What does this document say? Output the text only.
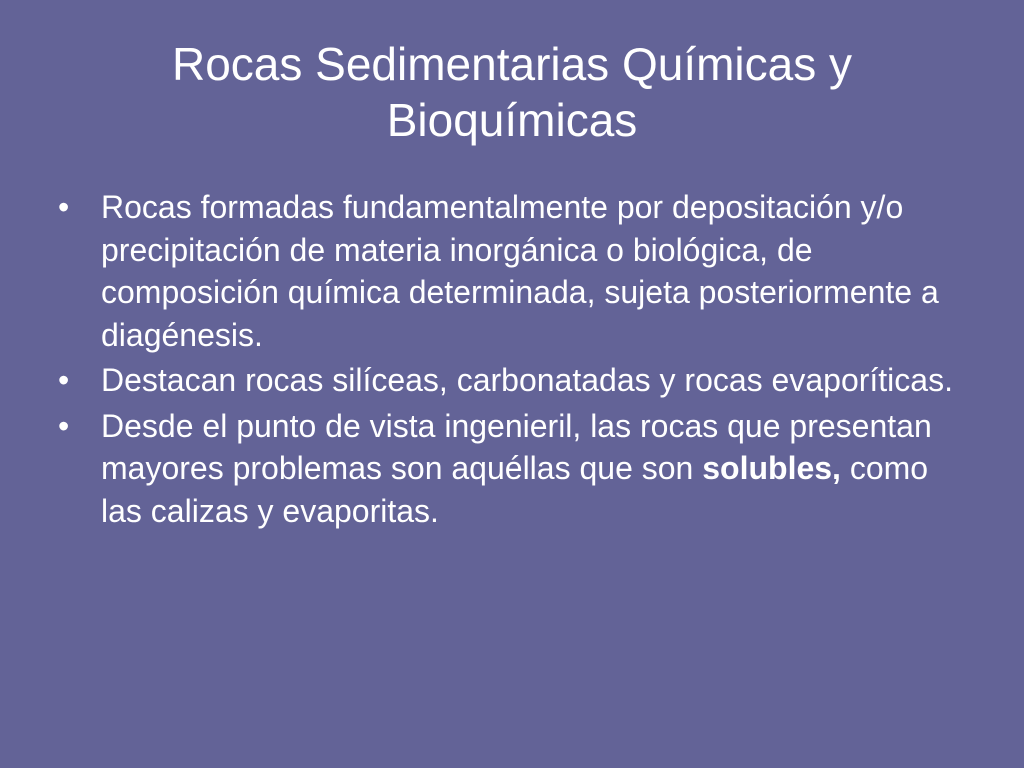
Rocas Sedimentarias Químicas y Bioquímicas
• Rocas formadas fundamentalmente por depositación y/o precipitación de materia inorgánica o biológica, de composición química determinada, sujeta posteriormente a diagénesis.
• Destacan rocas silíceas, carbonatadas y rocas evaporíticas.
• Desde el punto de vista ingenieril, las rocas que presentan mayores problemas son aquéllas que son solubles, como las calizas y evaporitas.
